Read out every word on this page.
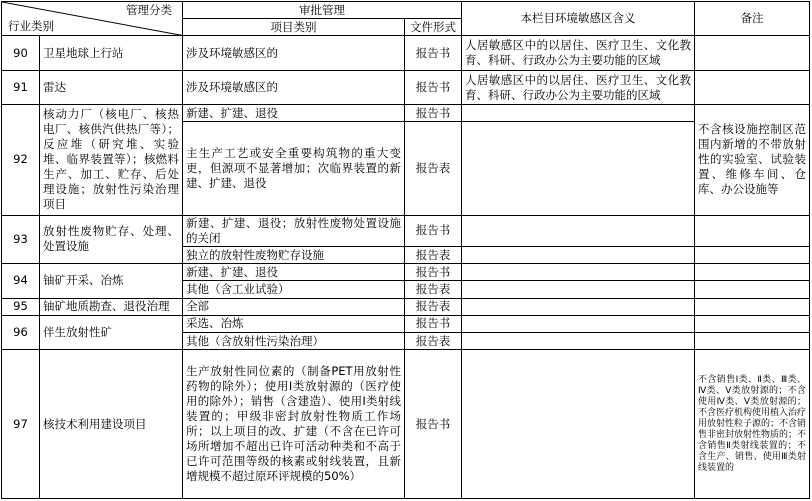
管理分类
行业类别		审批管理		本栏目环境敏感区含义	备注
		项目类别	文件形式		
90	卫星地球上行站	涉及环境敏感区的	报告书	人居敏感区中的以居住、医疗卫生、文化教育、科研、行政办公为主要功能的区域	
91	雷达	涉及环境敏感区的	报告书	人居敏感区中的以居住、医疗卫生、文化教育、科研、行政办公为主要功能的区域	
92	核动力厂（核电厂、核热电厂、核供汽供热厂等）；反应堆（研究堆、实验堆、临界装置等）；核燃料生产、加工、贮存、后处理设施；放射性污染治理项目	新建、扩建、退役	报告书		不含核设施控制区范围内新增的不带放射性的实验室、试验装置、维修车间、仓库、办公设施等
		主生产工艺或安全重要构筑物的重大变更，但源项不显著增加；次临界装置的新建、扩建、退役	报告表		
93	放射性废物贮存、处理、处置设施	新建、扩建、退役；放射性废物处置设施的关闭	报告书		
		独立的放射性废物贮存设施	报告表		
94	铀矿开采、冶炼	新建、扩建、退役	报告书		
		其他（含工业试验）	报告表		
95	铀矿地质勘查、退役治理	全部	报告表		
96	伴生放射性矿	采选、冶炼	报告书		
		其他（含放射性污染治理）	报告表		
97	核技术利用建设项目	生产放射性同位素的（制备PET用放射性药物的除外）；使用Ⅰ类放射源的（医疗使用的除外）；销售（含建造）、使用Ⅰ类射线装置的；甲级非密封放射性物质工作场所；以上项目的改、扩建（不含在已许可场所增加不超出已许可活动种类和不高于已许可范围等级的核素或射线装置，且新增规模不超过原环评规模的50%）	报告书		不含销售Ⅰ类、Ⅱ类、Ⅲ类、Ⅳ类、Ⅴ类放射源的；不含使用Ⅳ类、Ⅴ类放射源的；不含医疗机构使用植入治疗用放射性粒子源的；不含销售非密封放射性物质的；不含销售Ⅱ类射线装置的；不含生产、销售、使用Ⅲ类射线装置的
